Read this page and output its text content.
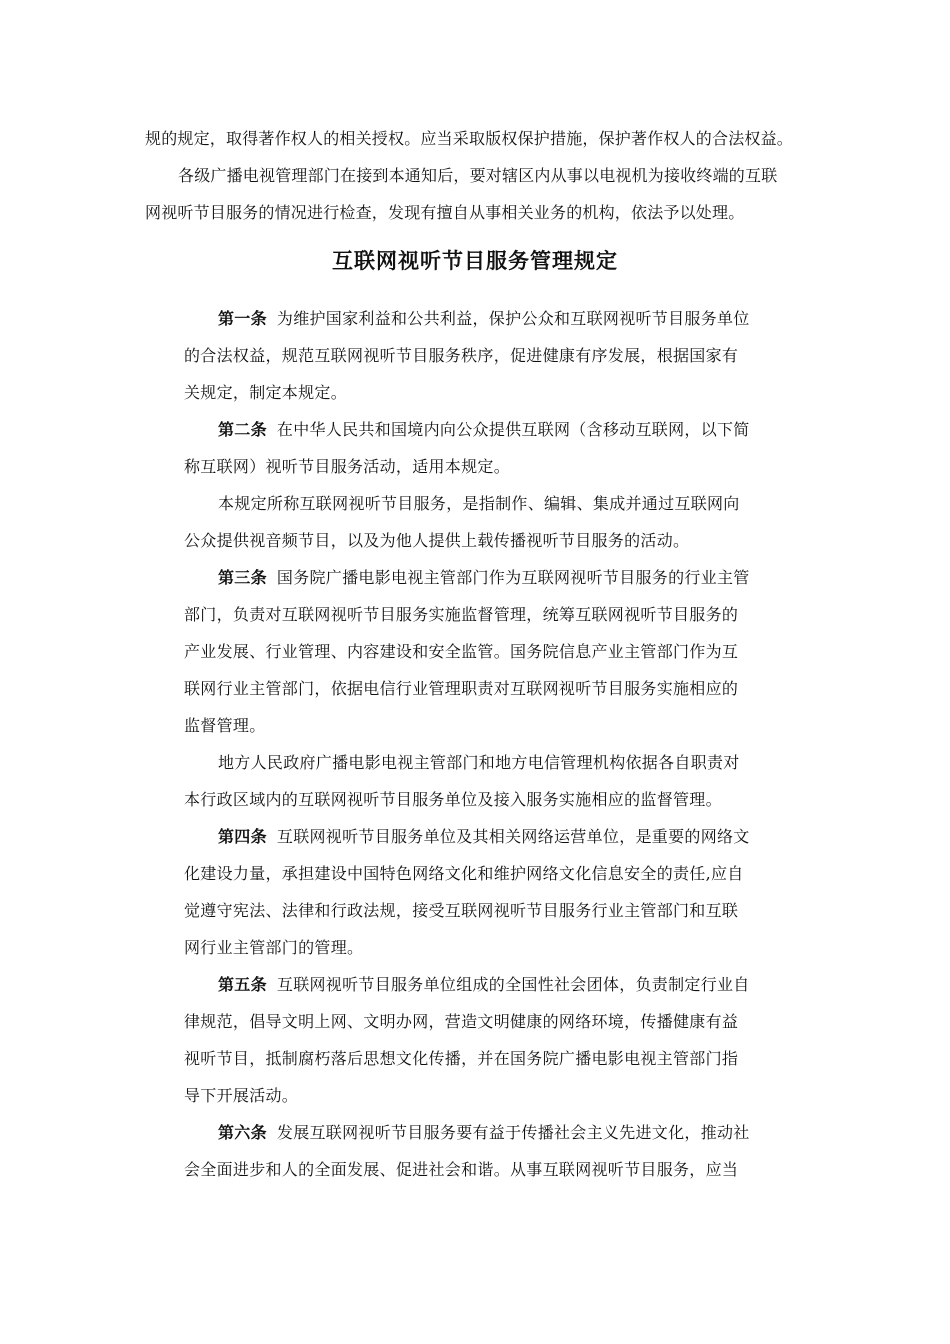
规的规定，取得著作权人的相关授权。应当采取版权保护措施，保护著作权人的合法权益。
各级广播电视管理部门在接到本通知后，要对辖区内从事以电视机为接收终端的互联
网视听节目服务的情况进行检查，发现有擅自从事相关业务的机构，依法予以处理。
互联网视听节目服务管理规定
第一条 为维护国家利益和公共利益，保护公众和互联网视听节目服务单位
的合法权益，规范互联网视听节目服务秩序，促进健康有序发展，根据国家有
关规定，制定本规定。
第二条 在中华人民共和国境内向公众提供互联网（含移动互联网，以下简
称互联网）视听节目服务活动，适用本规定。
本规定所称互联网视听节目服务，是指制作、编辑、集成并通过互联网向
公众提供视音频节目，以及为他人提供上载传播视听节目服务的活动。
第三条 国务院广播电影电视主管部门作为互联网视听节目服务的行业主管
部门，负责对互联网视听节目服务实施监督管理，统筹互联网视听节目服务的
产业发展、行业管理、内容建设和安全监管。国务院信息产业主管部门作为互
联网行业主管部门，依据电信行业管理职责对互联网视听节目服务实施相应的
监督管理。
地方人民政府广播电影电视主管部门和地方电信管理机构依据各自职责对
本行政区域内的互联网视听节目服务单位及接入服务实施相应的监督管理。
第四条 互联网视听节目服务单位及其相关网络运营单位，是重要的网络文
化建设力量，承担建设中国特色网络文化和维护网络文化信息安全的责任,应自
觉遵守宪法、法律和行政法规，接受互联网视听节目服务行业主管部门和互联
网行业主管部门的管理。
第五条 互联网视听节目服务单位组成的全国性社会团体，负责制定行业自
律规范，倡导文明上网、文明办网，营造文明健康的网络环境，传播健康有益
视听节目，抵制腐朽落后思想文化传播，并在国务院广播电影电视主管部门指
导下开展活动。
第六条 发展互联网视听节目服务要有益于传播社会主义先进文化，推动社
会全面进步和人的全面发展、促进社会和谐。从事互联网视听节目服务，应当
